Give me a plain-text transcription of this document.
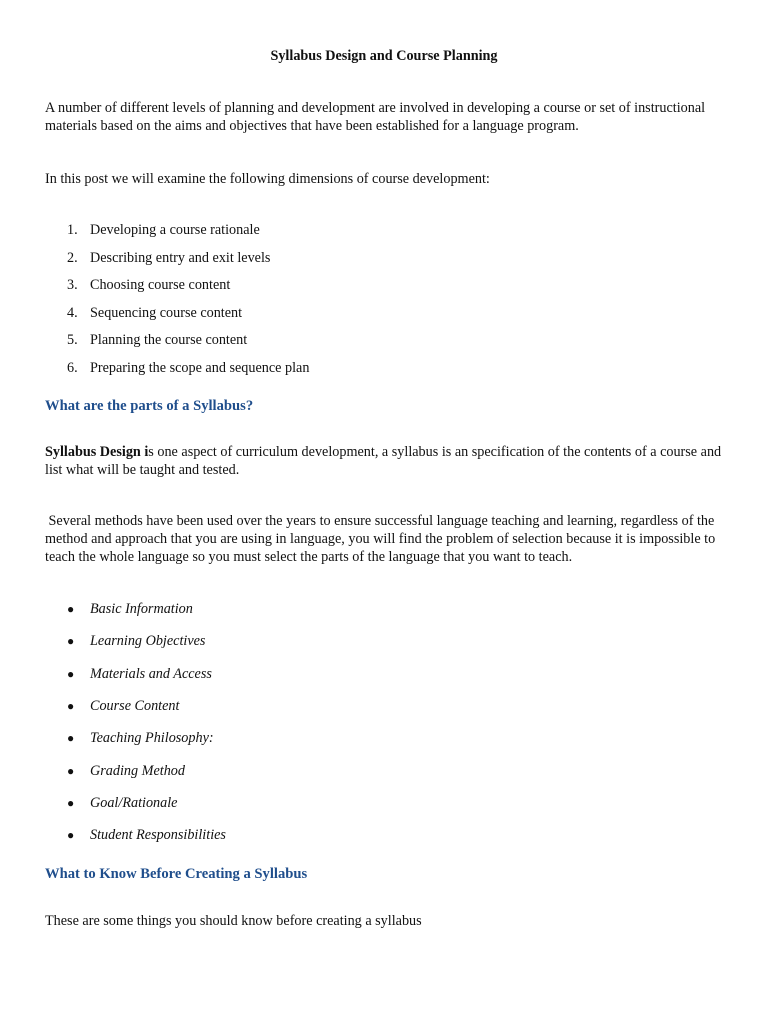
Syllabus Design and Course Planning

A number of different levels of planning and development are involved in developing a course or set of instructional materials based on the aims and objectives that have been established for a language program.

In this post we will examine the following dimensions of course development:

1. Developing a course rationale
2. Describing entry and exit levels
3. Choosing course content
4. Sequencing course content
5. Planning the course content
6. Preparing the scope and sequence plan
What are the parts of a Syllabus?

Syllabus Design is one aspect of curriculum development, a syllabus is an specification of the contents of a course and list what will be taught and tested.

Several methods have been used over the years to ensure successful language teaching and learning, regardless of the method and approach that you are using in language, you will find the problem of selection because it is impossible to teach the whole language so you must select the parts of the language that you want to teach.

● Basic Information
● Learning Objectives
● Materials and Access
● Course Content
● Teaching Philosophy:
● Grading Method
● Goal/Rationale
● Student Responsibilities
What to Know Before Creating a Syllabus

These are some things you should know before creating a syllabus
